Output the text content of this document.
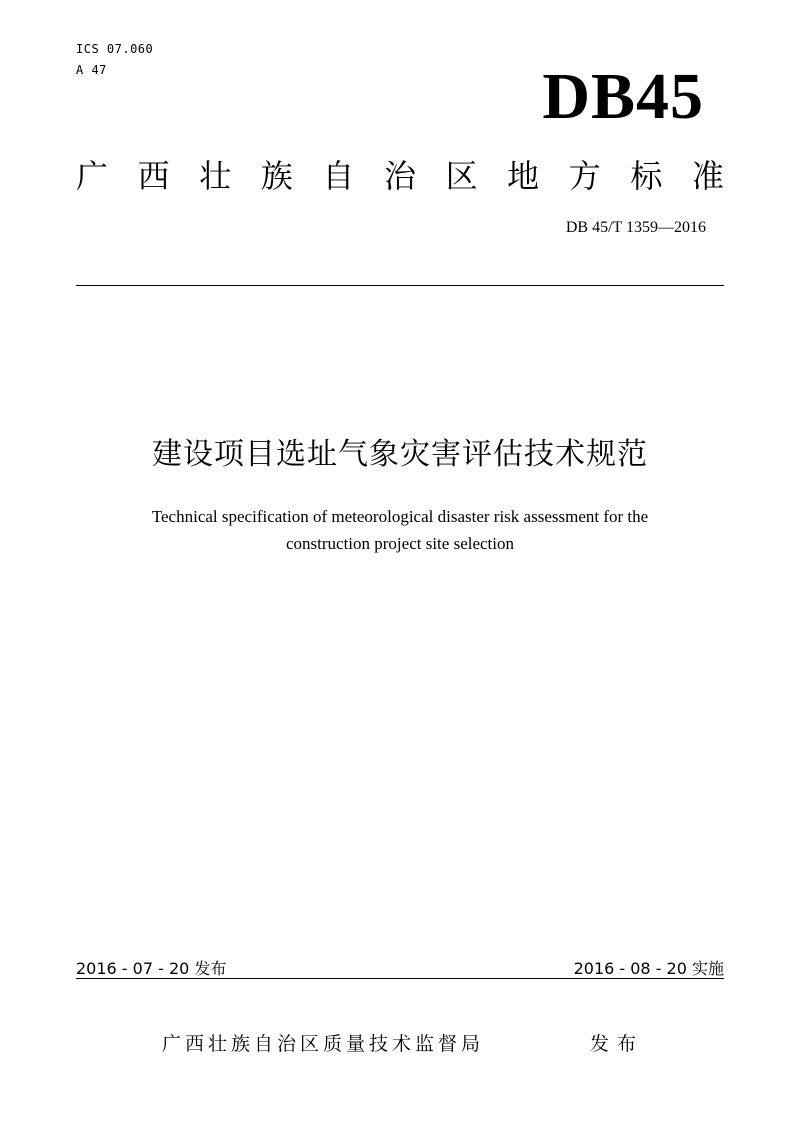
ICS 07.060
A 47	DB45
广 西 壮 族 自 治 区 地 方 标 准
DB 45/T 1359—2016
建设项目选址气象灾害评估技术规范
Technical specification of meteorological disaster risk assessment for the
construction project site selection
2016 - 07 - 20 发布	2016 - 08 - 20 实施
广西壮族自治区质量技术监督局	发布
